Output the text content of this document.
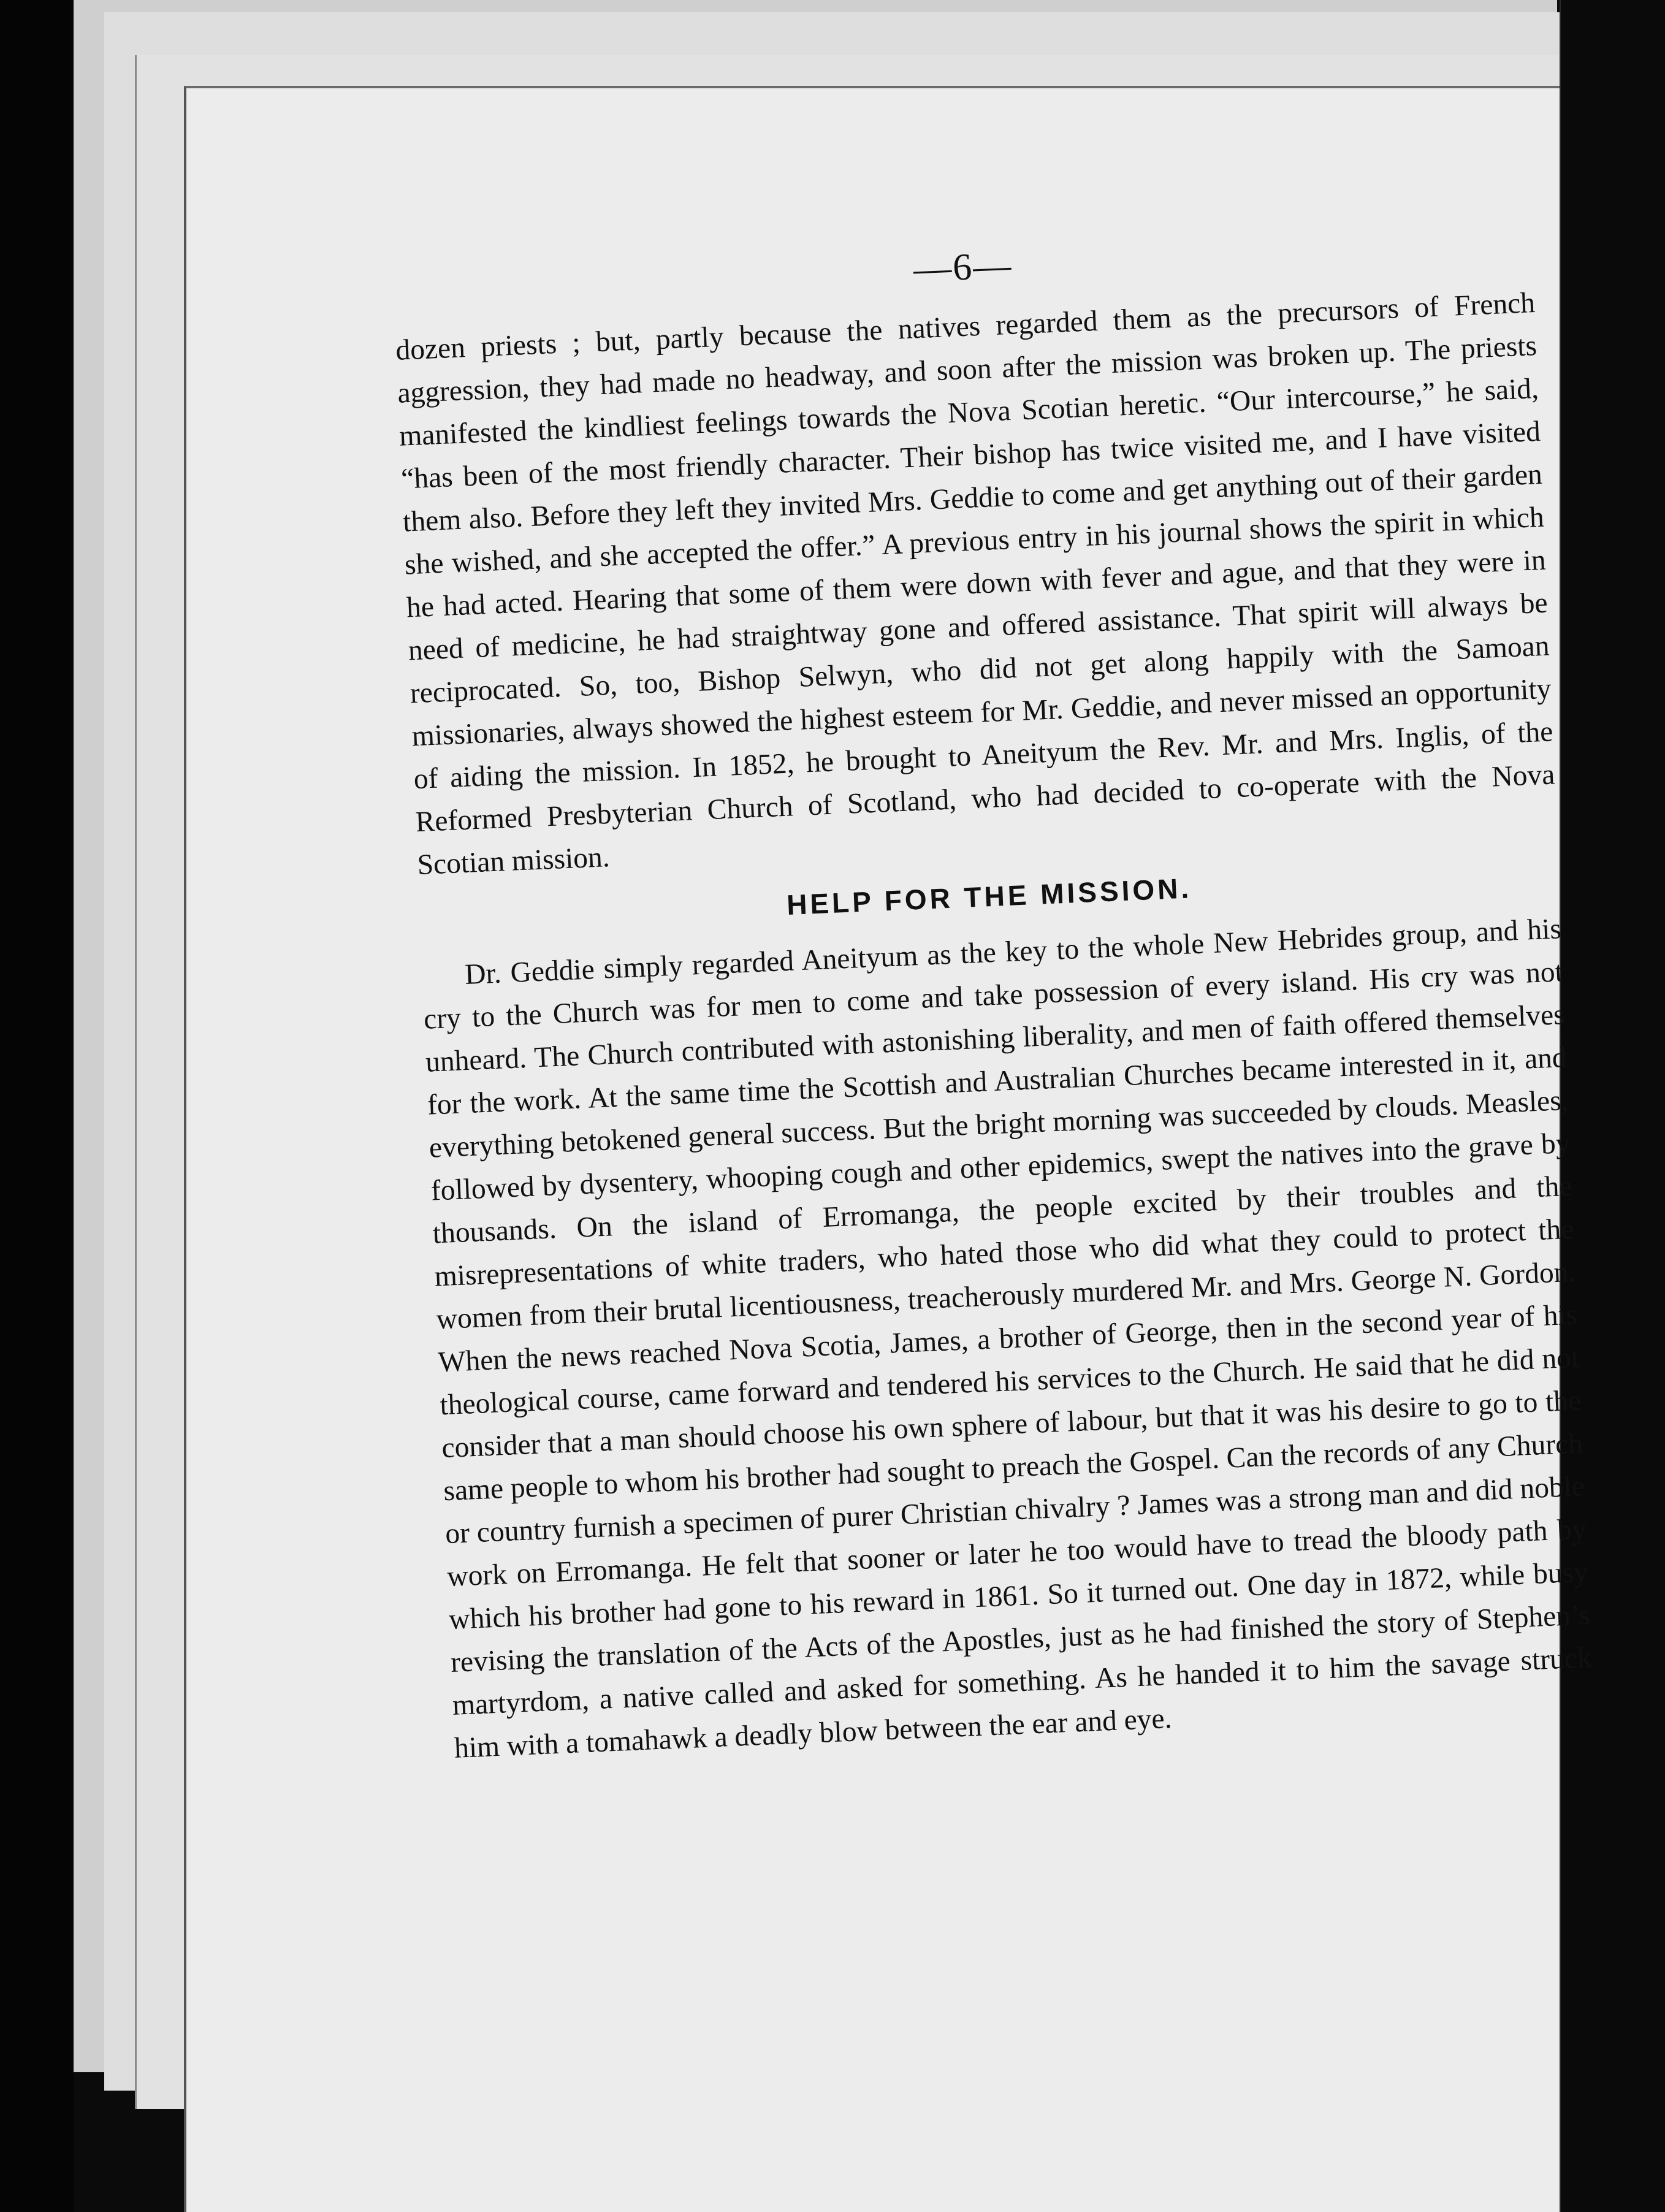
—6—

dozen priests ; but, partly because the natives regarded them as the precursors of French aggression, they had made no headway, and soon after the mission was broken up. The priests manifested the kindliest feelings towards the Nova Scotian heretic. “Our intercourse,” he said, “has been of the most friendly character. Their bishop has twice visited me, and I have visited them also. Before they left they invited Mrs. Geddie to come and get anything out of their garden she wished, and she accepted the offer.” A previous entry in his journal shows the spirit in which he had acted. Hearing that some of them were down with fever and ague, and that they were in need of medicine, he had straightway gone and offered assistance. That spirit will always be reciprocated. So, too, Bishop Selwyn, who did not get along happily with the Samoan missionaries, always showed the highest esteem for Mr. Geddie, and never missed an opportunity of aiding the mission. In 1852, he brought to Aneityum the Rev. Mr. and Mrs. Inglis, of the Reformed Presbyterian Church of Scotland, who had decided to co-operate with the Nova Scotian mission.

HELP FOR THE MISSION.

Dr. Geddie simply regarded Aneityum as the key to the whole New Hebrides group, and his cry to the Church was for men to come and take possession of every island. His cry was not unheard. The Church contributed with astonishing liberality, and men of faith offered themselves for the work. At the same time the Scottish and Australian Churches became interested in it, and everything betokened general success. But the bright morning was succeeded by clouds. Measles, followed by dysentery, whooping cough and other epidemics, swept the natives into the grave by thousands. On the island of Erromanga, the people excited by their troubles and the misrepresentations of white traders, who hated those who did what they could to protect the women from their brutal licentiousness, treacherously murdered Mr. and Mrs. George N. Gordon. When the news reached Nova Scotia, James, a brother of George, then in the second year of his theological course, came forward and tendered his services to the Church. He said that he did not consider that a man should choose his own sphere of labour, but that it was his desire to go to the same people to whom his brother had sought to preach the Gospel. Can the records of any Church or country furnish a specimen of purer Christian chivalry ? James was a strong man and did noble work on Erromanga. He felt that sooner or later he too would have to tread the bloody path by which his brother had gone to his reward in 1861. So it turned out. One day in 1872, while busy revising the translation of the Acts of the Apostles, just as he had finished the story of Stephen’s martyrdom, a native called and asked for something. As he handed it to him the savage struck him with a tomahawk a deadly blow between the ear and eye.
